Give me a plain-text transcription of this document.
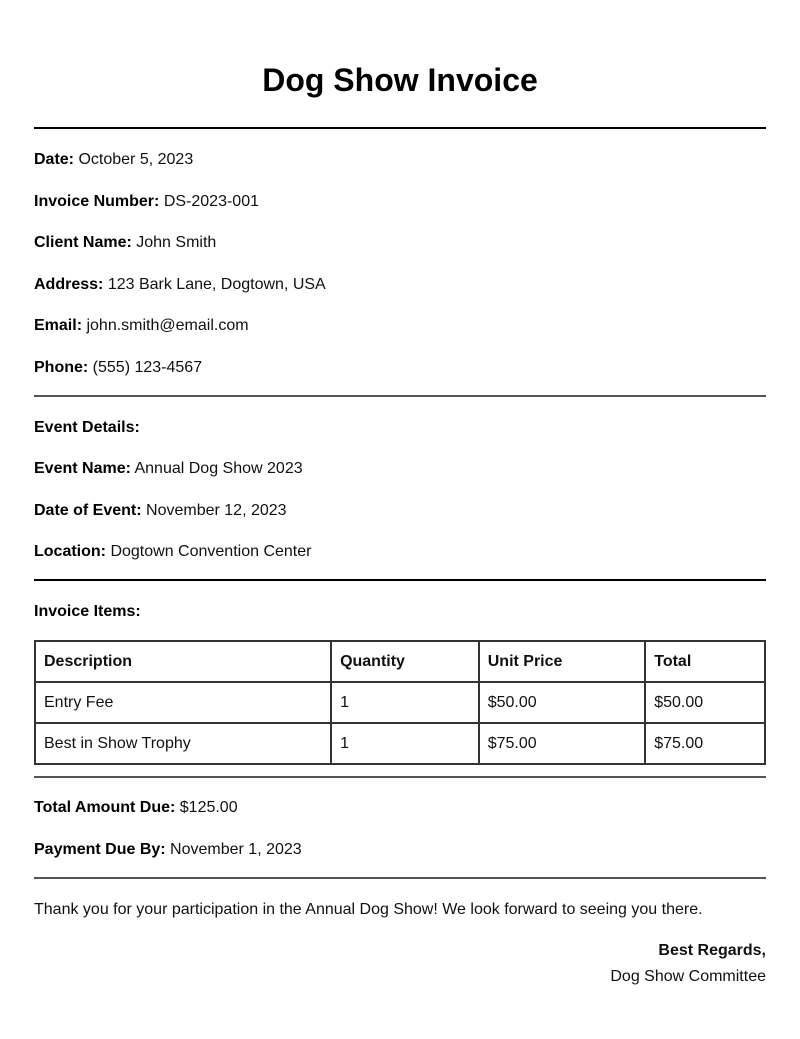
Dog Show Invoice
Date: October 5, 2023
Invoice Number: DS-2023-001
Client Name: John Smith
Address: 123 Bark Lane, Dogtown, USA
Email: john.smith@email.com
Phone: (555) 123-4567
Event Details:
Event Name: Annual Dog Show 2023
Date of Event: November 12, 2023
Location: Dogtown Convention Center
Invoice Items:
Description	Quantity	Unit Price	Total
Entry Fee	1	$50.00	$50.00
Best in Show Trophy	1	$75.00	$75.00
Total Amount Due: $125.00
Payment Due By: November 1, 2023
Thank you for your participation in the Annual Dog Show! We look forward to seeing you there.
Best Regards,
Dog Show Committee
